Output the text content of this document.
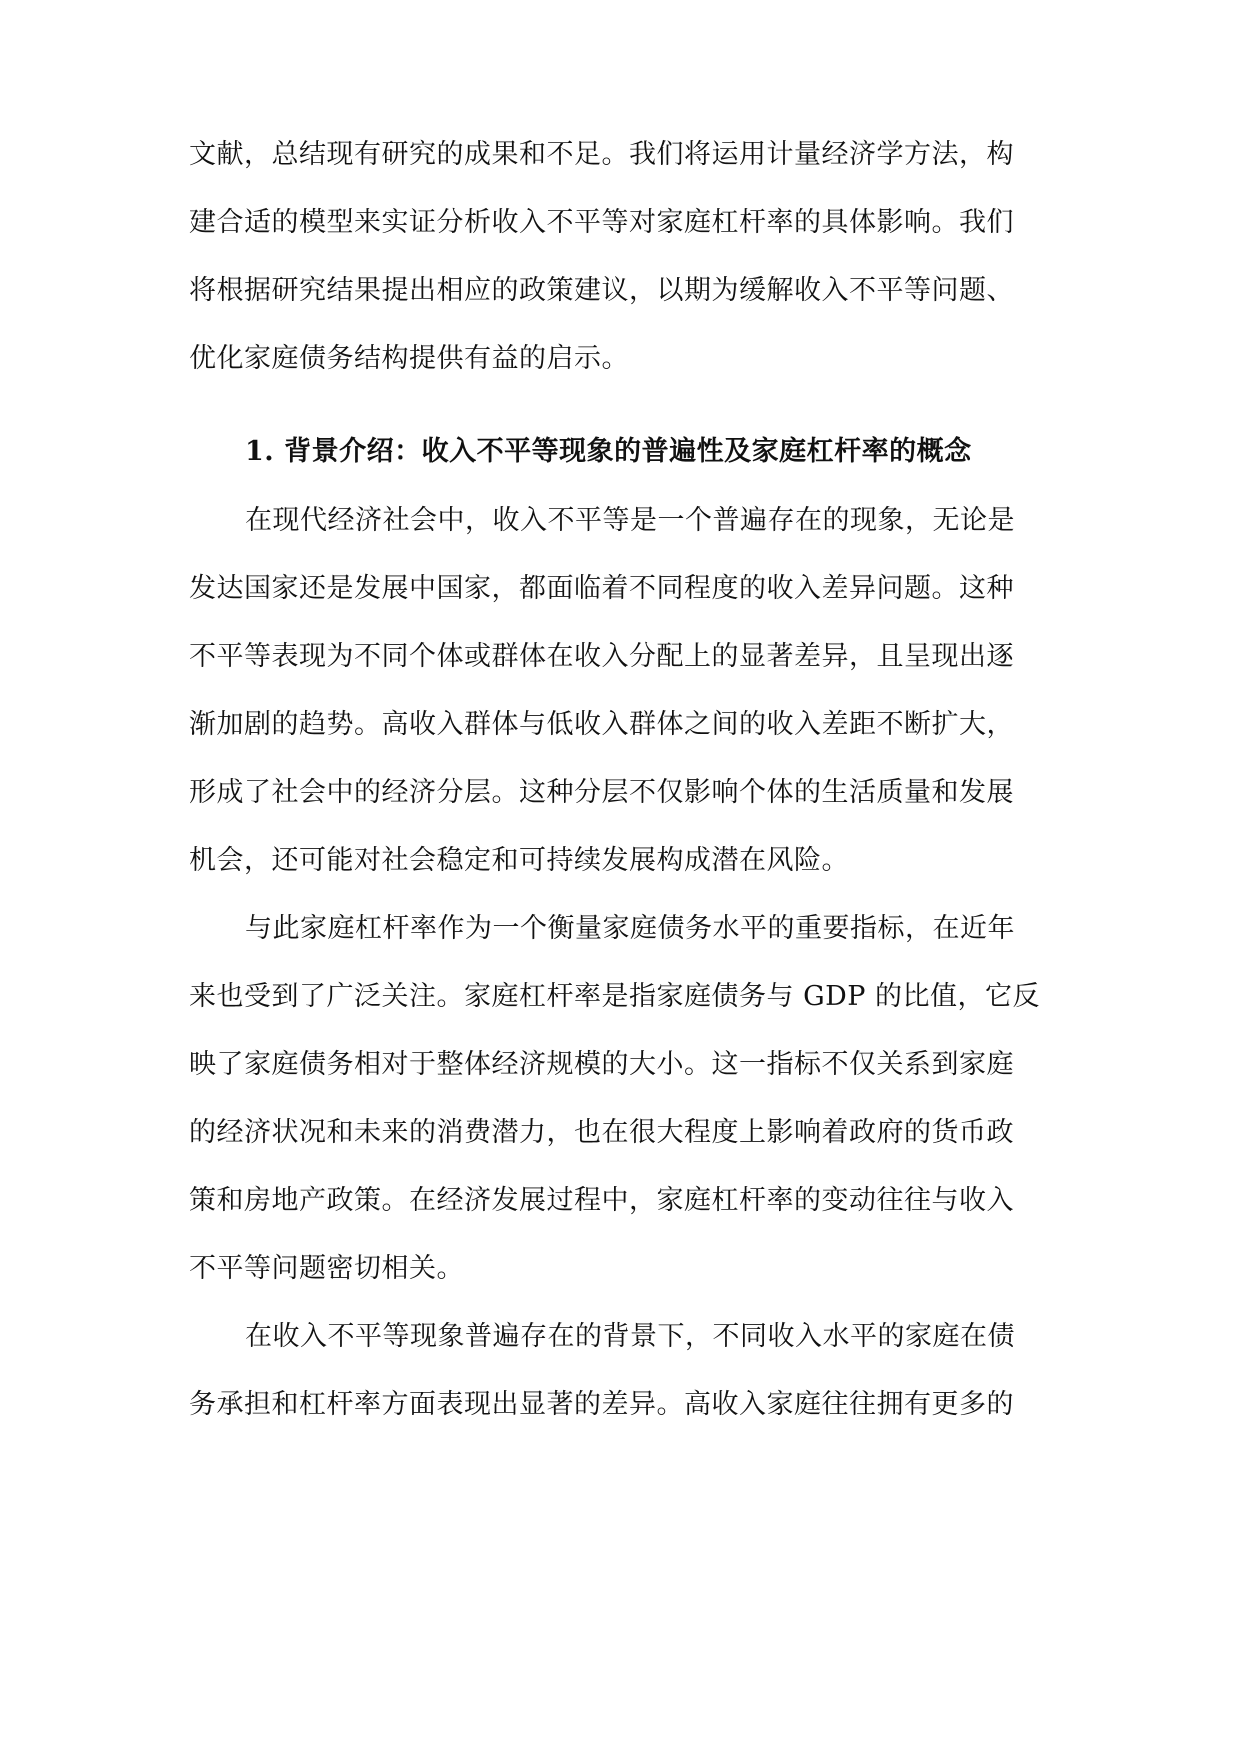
文献，总结现有研究的成果和不足。我们将运用计量经济学方法，构
建合适的模型来实证分析收入不平等对家庭杠杆率的具体影响。我们
将根据研究结果提出相应的政策建议，以期为缓解收入不平等问题、
优化家庭债务结构提供有益的启示。
1. 背景介绍：收入不平等现象的普遍性及家庭杠杆率的概念
在现代经济社会中，收入不平等是一个普遍存在的现象，无论是
发达国家还是发展中国家，都面临着不同程度的收入差异问题。这种
不平等表现为不同个体或群体在收入分配上的显著差异，且呈现出逐
渐加剧的趋势。高收入群体与低收入群体之间的收入差距不断扩大，
形成了社会中的经济分层。这种分层不仅影响个体的生活质量和发展
机会，还可能对社会稳定和可持续发展构成潜在风险。
与此家庭杠杆率作为一个衡量家庭债务水平的重要指标，在近年
来也受到了广泛关注。家庭杠杆率是指家庭债务与 GDP 的比值，它反
映了家庭债务相对于整体经济规模的大小。这一指标不仅关系到家庭
的经济状况和未来的消费潜力，也在很大程度上影响着政府的货币政
策和房地产政策。在经济发展过程中，家庭杠杆率的变动往往与收入
不平等问题密切相关。
在收入不平等现象普遍存在的背景下，不同收入水平的家庭在债
务承担和杠杆率方面表现出显著的差异。高收入家庭往往拥有更多的
